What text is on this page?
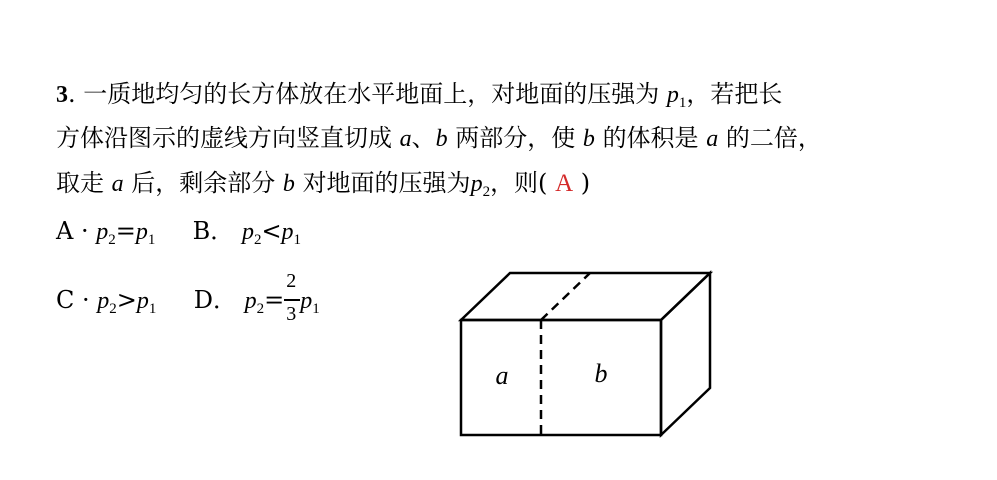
3. 一质地均匀的长方体放在水平地面上，对地面的压强为 $p_1$，若把长
方体沿图示的虚线方向竖直切成 a、b 两部分，使 b 的体积是 a 的二倍，
取走 a 后，剩余部分 b 对地面的压强为$p_2$，则( A )
$A \cdot p_2=p_1$ B． $p_2<p_1$
$C \cdot p_2>p_1$ D． $p_2= \frac{2}{3} p_1$
a	b
